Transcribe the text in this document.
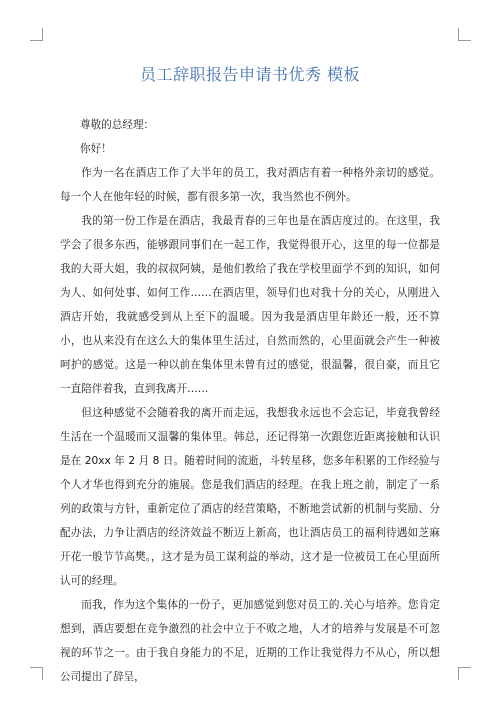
员工辞职报告申请书优秀 模板

尊敬的总经理：

你好！

作为一名在酒店工作了大半年的员工，我对酒店有着一种格外亲切的感觉。每一个人在他年轻的时候，都有很多第一次，我当然也不例外。

我的第一份工作是在酒店，我最青春的三年也是在酒店度过的。在这里，我学会了很多东西，能够跟同事们在一起工作，我觉得很开心，这里的每一位都是我的大哥大姐，我的叔叔阿姨，是他们教给了我在学校里面学不到的知识，如何为人、如何处事、如何工作……在酒店里，领导们也对我十分的关心，从刚进入酒店开始，我就感受到从上至下的温暖。因为我是酒店里年龄还一般，还不算小，也从来没有在这么大的集体里生活过，自然而然的，心里面就会产生一种被呵护的感觉。这是一种以前在集体里未曾有过的感觉，很温馨，很自豪，而且它一直陪伴着我，直到我离开……

但这种感觉不会随着我的离开而走远，我想我永远也不会忘记，毕竟我曾经生活在一个温暖而又温馨的集体里。韩总，还记得第一次跟您近距离接触和认识是在 20xx 年 2 月 8 日。随着时间的流逝，斗转星移，您多年积累的工作经验与个人才华也得到充分的施展。您是我们酒店的经理。在我上班之前，制定了一系列的政策与方针，重新定位了酒店的经营策略，不断地尝试新的机制与奖励、分配办法，力争让酒店的经济效益不断迈上新高，也让酒店员工的福利待遇如芝麻开花一般节节高樊。，这才是为员工谋利益的举动，这才是一位被员工在心里面所认可的经理。

而我，作为这个集体的一份子，更加感觉到您对员工的.关心与培养。您肯定想到，酒店要想在竞争激烈的社会中立于不败之地，人才的培养与发展是不可忽视的环节之一。由于我自身能力的不足，近期的工作让我觉得力不从心，所以想公司提出了辞呈，
